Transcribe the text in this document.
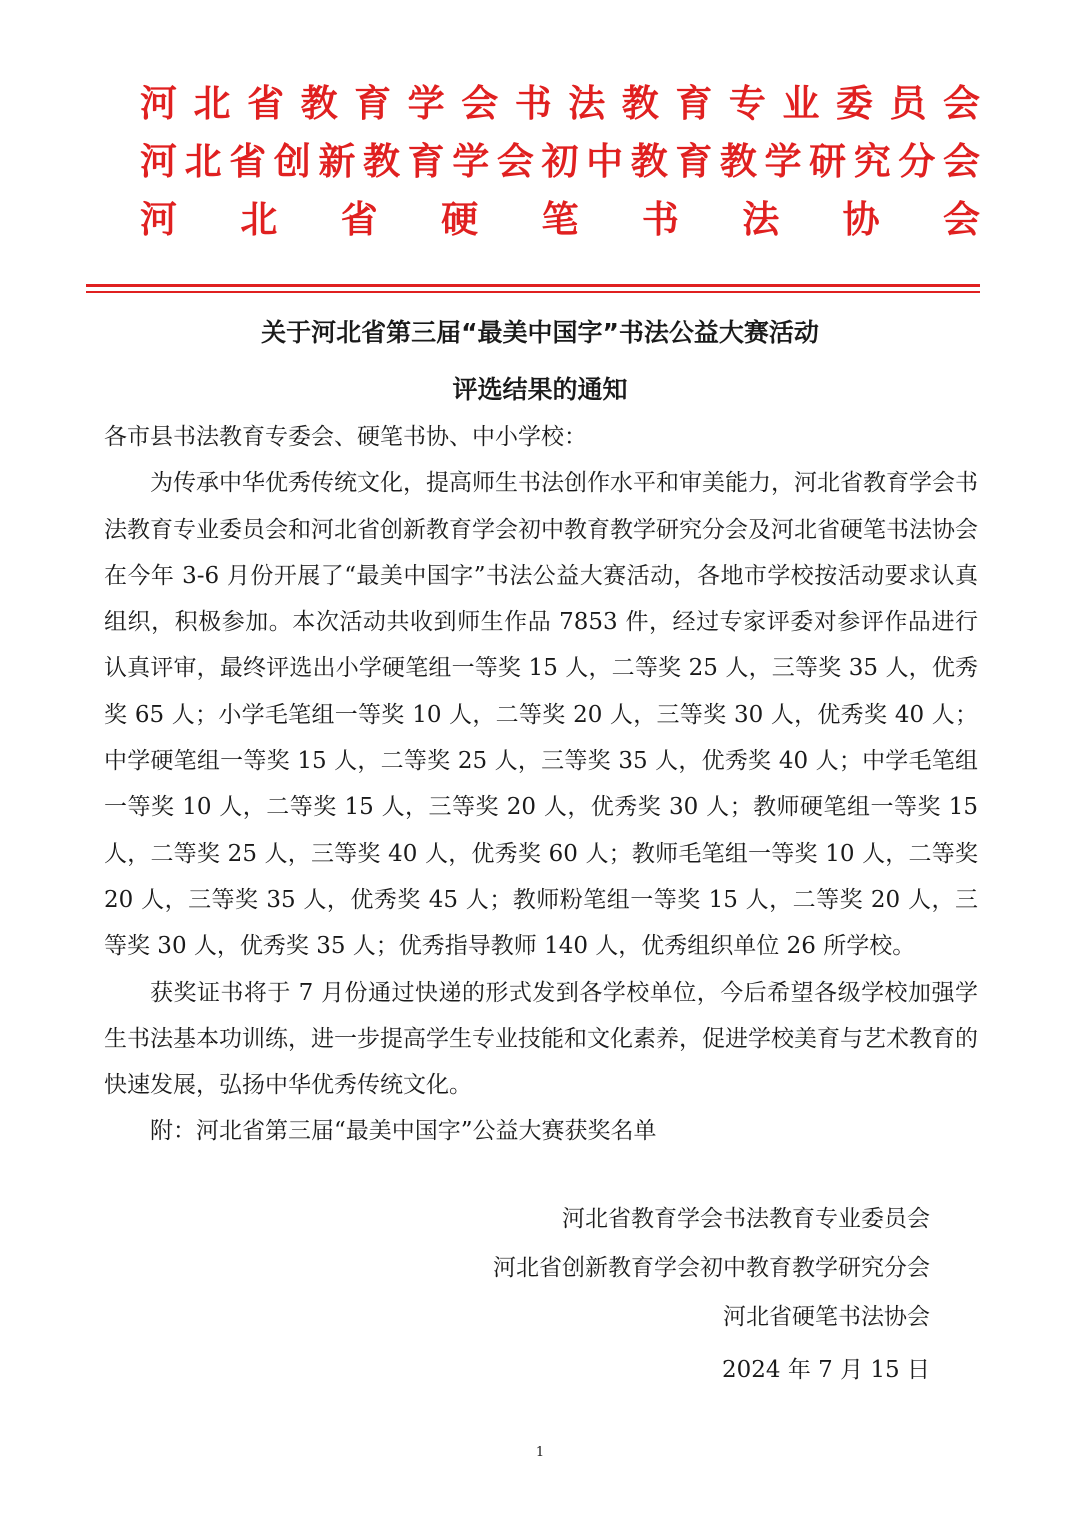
河 北 省 教 育 学 会 书 法 教 育 专 业 委 员 会
河 北 省 创 新 教 育 学 会 初 中 教 育 教 学 研 究 分 会
河 北 省 硬 笔 书 法 协 会
关于河北省第三届“最美中国字”书法公益大赛活动
评选结果的通知

各市县书法教育专委会、硬笔书协、中小学校：

为传承中华优秀传统文化，提高师生书法创作水平和审美能力，河北省教育学会书法教育专业委员会和河北省创新教育学会初中教育教学研究分会及河北省硬笔书法协会在今年 3-6 月份开展了“最美中国字”书法公益大赛活动，各地市学校按活动要求认真组织，积极参加。本次活动共收到师生作品 7853 件，经过专家评委对参评作品进行认真评审，最终评选出小学硬笔组一等奖 15 人，二等奖 25 人，三等奖 35 人，优秀奖 65 人；小学毛笔组一等奖 10 人，二等奖 20 人，三等奖 30 人，优秀奖 40 人；中学硬笔组一等奖 15 人，二等奖 25 人，三等奖 35 人，优秀奖 40 人；中学毛笔组一等奖 10 人，二等奖 15 人，三等奖 20 人，优秀奖 30 人；教师硬笔组一等奖 15 人，二等奖 25 人，三等奖 40 人，优秀奖 60 人；教师毛笔组一等奖 10 人，二等奖 20 人，三等奖 35 人，优秀奖 45 人；教师粉笔组一等奖 15 人，二等奖 20 人，三等奖 30 人，优秀奖 35 人；优秀指导教师 140 人，优秀组织单位 26 所学校。

获奖证书将于 7 月份通过快递的形式发到各学校单位，今后希望各级学校加强学生书法基本功训练，进一步提高学生专业技能和文化素养，促进学校美育与艺术教育的快速发展，弘扬中华优秀传统文化。

附：河北省第三届“最美中国字”公益大赛获奖名单

河北省教育学会书法教育专业委员会
河北省创新教育学会初中教育教学研究分会
河北省硬笔书法协会
2024 年 7 月 15 日
1
